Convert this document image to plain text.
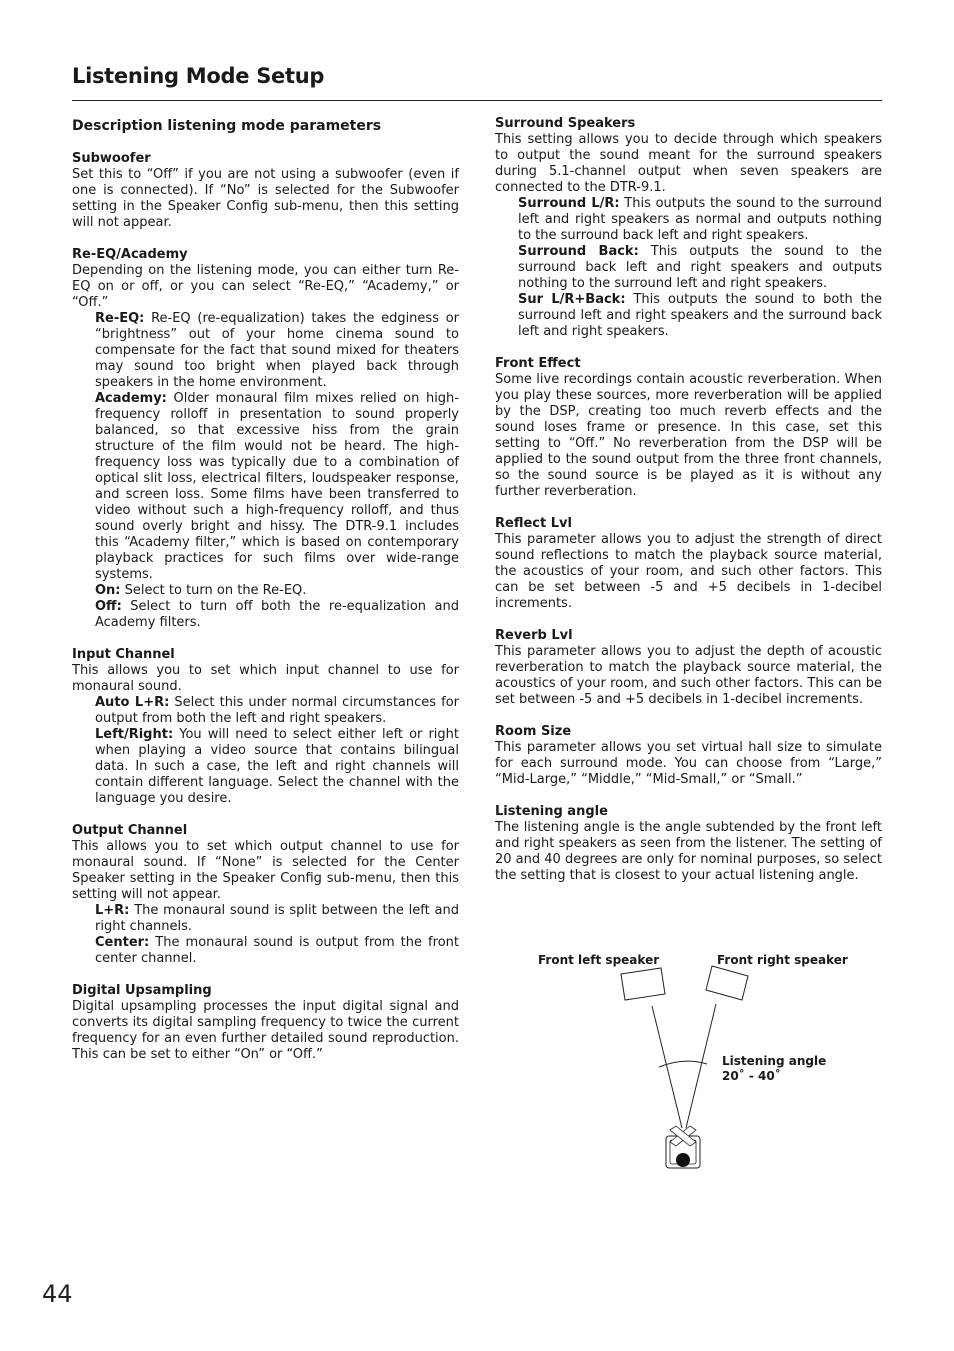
Listening Mode Setup
Description listening mode parameters
Subwoofer

Set this to “Off” if you are not using a subwoofer (even if one is connected). If “No” is selected for the Subwoofer setting in the Speaker Config sub-menu, then this setting will not appear.

Re-EQ/Academy

Depending on the listening mode, you can either turn Re-EQ on or off, or you can select “Re-EQ,” “Academy,” or “Off.”

Re-EQ: Re-EQ (re-equalization) takes the edginess or “brightness” out of your home cinema sound to compensate for the fact that sound mixed for theaters may sound too bright when played back through speakers in the home environment.

Academy: Older monaural film mixes relied on high-frequency rolloff in presentation to sound properly balanced, so that excessive hiss from the grain structure of the film would not be heard. The high-frequency loss was typically due to a combination of optical slit loss, electrical filters, loudspeaker response, and screen loss. Some films have been transferred to video without such a high-frequency rolloff, and thus sound overly bright and hissy. The DTR-9.1 includes this “Academy filter,” which is based on contemporary playback practices for such films over wide-range systems.

On: Select to turn on the Re-EQ.

Off: Select to turn off both the re-equalization and Academy filters.

Input Channel

This allows you to set which input channel to use for monaural sound.

Auto L+R: Select this under normal circumstances for output from both the left and right speakers.

Left/Right: You will need to select either left or right when playing a video source that contains bilingual data. In such a case, the left and right channels will contain different language. Select the channel with the language you desire.

Output Channel

This allows you to set which output channel to use for monaural sound. If “None” is selected for the Center Speaker setting in the Speaker Config sub-menu, then this setting will not appear.

L+R: The monaural sound is split between the left and right channels.

Center: The monaural sound is output from the front center channel.

Digital Upsampling

Digital upsampling processes the input digital signal and converts its digital sampling frequency to twice the current frequency for an even further detailed sound reproduction. This can be set to either “On” or “Off.”

Surround Speakers

This setting allows you to decide through which speakers to output the sound meant for the surround speakers during 5.1-channel output when seven speakers are connected to the DTR-9.1.

Surround L/R: This outputs the sound to the surround left and right speakers as normal and outputs nothing to the surround back left and right speakers.

Surround Back: This outputs the sound to the surround back left and right speakers and outputs nothing to the surround left and right speakers.

Sur L/R+Back: This outputs the sound to both the surround left and right speakers and the surround back left and right speakers.

Front Effect

Some live recordings contain acoustic reverberation. When you play these sources, more reverberation will be applied by the DSP, creating too much reverb effects and the sound loses frame or presence. In this case, set this setting to “Off.” No reverberation from the DSP will be applied to the sound output from the three front channels, so the sound source is be played as it is without any further reverberation.

Reflect Lvl

This parameter allows you to adjust the strength of direct sound reflections to match the playback source material, the acoustics of your room, and such other factors. This can be set between -5 and +5 decibels in 1-decibel increments.

Reverb Lvl

This parameter allows you to adjust the depth of acoustic reverberation to match the playback source material, the acoustics of your room, and such other factors. This can be set between -5 and +5 decibels in 1-decibel increments.

Room Size

This parameter allows you set virtual hall size to simulate for each surround mode. You can choose from “Large,” “Mid-Large,” “Middle,” “Mid-Small,” or “Small.”

Listening angle

The listening angle is the angle subtended by the front left and right speakers as seen from the listener. The setting of 20 and 40 degrees are only for nominal purposes, so select the setting that is closest to your actual listening angle.

Front left speaker	Front right speaker
Listening angle
20˚ - 40˚
44
